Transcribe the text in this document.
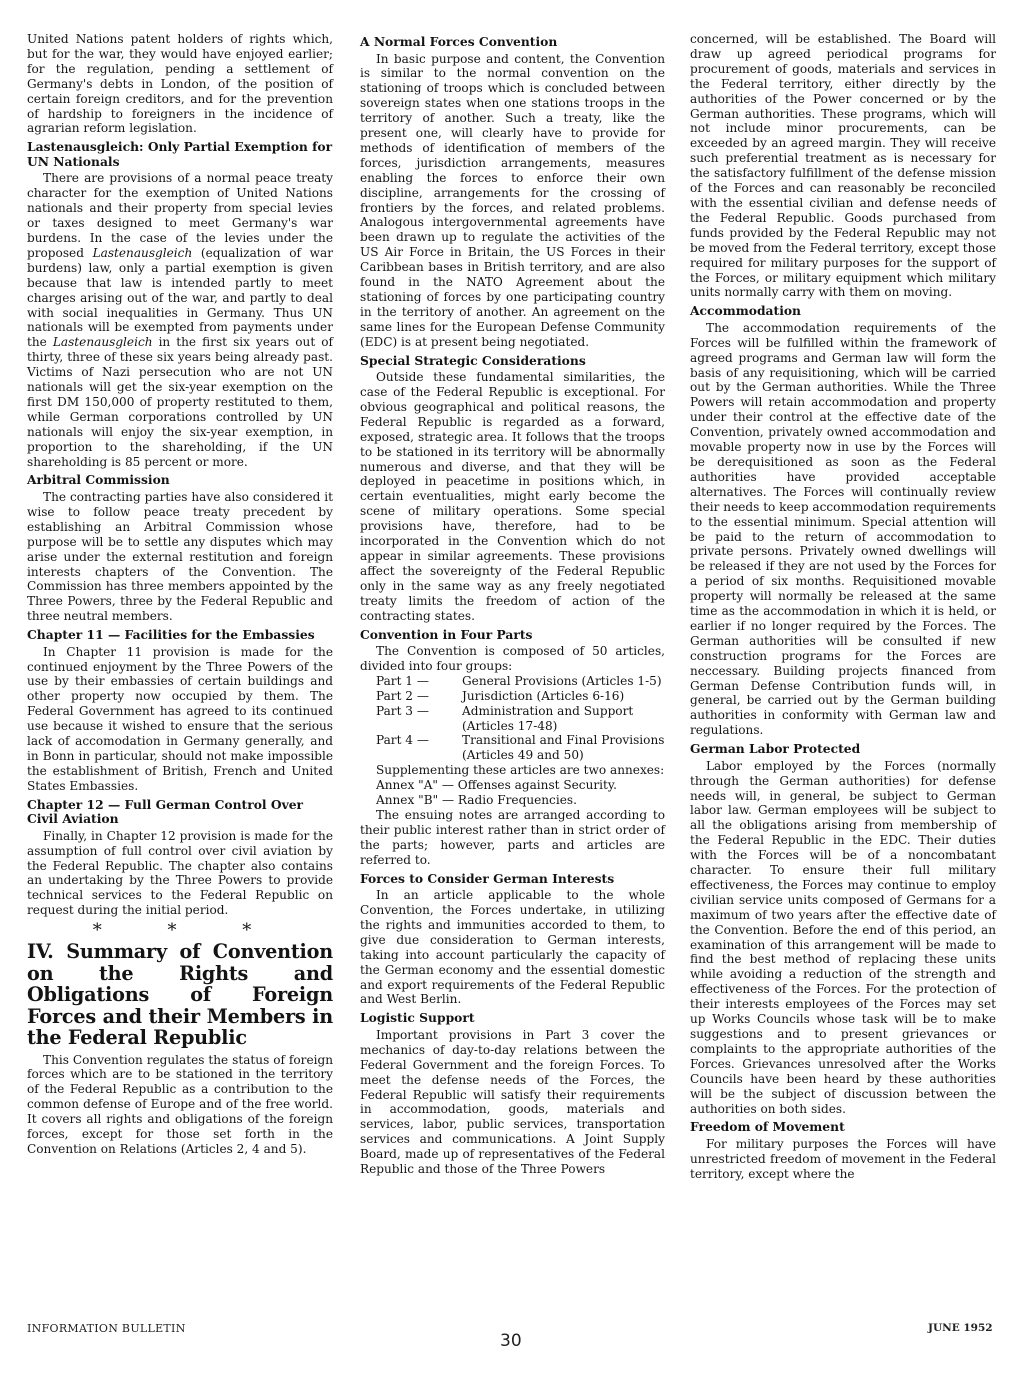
United Nations patent holders of rights which, but for the war, they would have enjoyed earlier; for the regulation, pending a settlement of Germany's debts in London, of the position of certain foreign creditors, and for the prevention of hardship to foreigners in the incidence of agrarian reform legislation.

Lastenausgleich: Only Partial Exemption for UN Nationals

There are provisions of a normal peace treaty character for the exemption of United Nations nationals and their property from special levies or taxes designed to meet Germany's war burdens. In the case of the levies under the proposed Lastenausgleich (equalization of war burdens) law, only a partial exemption is given because that law is intended partly to meet charges arising out of the war, and partly to deal with social inequalities in Germany. Thus UN nationals will be exempted from payments under the Lastenausgleich in the first six years out of thirty, three of these six years being already past. Victims of Nazi persecution who are not UN nationals will get the six-year exemption on the first DM 150,000 of property restituted to them, while German corporations controlled by UN nationals will enjoy the six-year exemption, in proportion to the shareholding, if the UN shareholding is 85 percent or more.

Arbitral Commission

The contracting parties have also considered it wise to follow peace treaty precedent by establishing an Arbitral Commission whose purpose will be to settle any disputes which may arise under the external restitution and foreign interests chapters of the Convention. The Commission has three members appointed by the Three Powers, three by the Federal Republic and three neutral members.

Chapter 11 — Facilities for the Embassies

In Chapter 11 provision is made for the continued enjoyment by the Three Powers of the use by their embassies of certain buildings and other property now occupied by them. The Federal Government has agreed to its continued use because it wished to ensure that the serious lack of accomodation in Germany generally, and in Bonn in particular, should not make impossible the establishment of British, French and United States Embassies.

Chapter 12 — Full German Control Over Civil Aviation

Finally, in Chapter 12 provision is made for the assumption of full control over civil aviation by the Federal Republic. The chapter also contains an undertaking by the Three Powers to provide technical services to the Federal Republic on request during the initial period.

* * *
IV. Summary of Convention on the Rights and Obligations of Foreign Forces and their Members in the Federal Republic

This Convention regulates the status of foreign forces which are to be stationed in the territory of the Federal Republic as a contribution to the common defense of Europe and of the free world. It covers all rights and obligations of the foreign forces, except for those set forth in the Convention on Relations (Articles 2, 4 and 5).

A Normal Forces Convention

In basic purpose and content, the Convention is similar to the normal convention on the stationing of troops which is concluded between sovereign states when one stations troops in the territory of another. Such a treaty, like the present one, will clearly have to provide for methods of identification of members of the forces, jurisdiction arrangements, measures enabling the forces to enforce their own discipline, arrangements for the crossing of frontiers by the forces, and related problems. Analogous intergovernmental agreements have been drawn up to regulate the activities of the US Air Force in Britain, the US Forces in their Caribbean bases in British territory, and are also found in the NATO Agreement about the stationing of forces by one participating country in the territory of another. An agreement on the same lines for the European Defense Community (EDC) is at present being negotiated.

Special Strategic Considerations

Outside these fundamental similarities, the case of the Federal Republic is exceptional. For obvious geographical and political reasons, the Federal Republic is regarded as a forward, exposed, strategic area. It follows that the troops to be stationed in its territory will be abnormally numerous and diverse, and that they will be deployed in peacetime in positions which, in certain eventualities, might early become the scene of military operations. Some special provisions have, therefore, had to be incorporated in the Convention which do not appear in similar agreements. These provisions affect the sovereignty of the Federal Republic only in the same way as any freely negotiated treaty limits the freedom of action of the contracting states.

Convention in Four Parts

The Convention is composed of 50 articles, divided into four groups:

Part 1 —	General Provisions (Articles 1-5)
Part 2 —	Jurisdiction (Articles 6-16)
Part 3 —	Administration and Support (Articles 17-48)
Part 4 —	Transitional and Final Provisions (Articles 49 and 50)

Supplementing these articles are two annexes:

Annex "A" — Offenses against Security.
Annex "B" — Radio Frequencies.

The ensuing notes are arranged according to their public interest rather than in strict order of the parts; however, parts and articles are referred to.

Forces to Consider German Interests

In an article applicable to the whole Convention, the Forces undertake, in utilizing the rights and immunities accorded to them, to give due consideration to German interests, taking into account particularly the capacity of the German economy and the essential domestic and export requirements of the Federal Republic and West Berlin.

Logistic Support

Important provisions in Part 3 cover the mechanics of day-to-day relations between the Federal Government and the foreign Forces. To meet the defense needs of the Forces, the Federal Republic will satisfy their requirements in accommodation, goods, materials and services, labor, public services, transportation services and communications. A Joint Supply Board, made up of representatives of the Federal Republic and those of the Three Powers

concerned, will be established. The Board will draw up agreed periodical programs for procurement of goods, materials and services in the Federal territory, either directly by the authorities of the Power concerned or by the German authorities. These programs, which will not include minor procurements, can be exceeded by an agreed margin. They will receive such preferential treatment as is necessary for the satisfactory fulfillment of the defense mission of the Forces and can reasonably be reconciled with the essential civilian and defense needs of the Federal Republic. Goods purchased from funds provided by the Federal Republic may not be moved from the Federal territory, except those required for military purposes for the support of the Forces, or military equipment which military units normally carry with them on moving.

Accommodation

The accommodation requirements of the Forces will be fulfilled within the framework of agreed programs and German law will form the basis of any requisitioning, which will be carried out by the German authorities. While the Three Powers will retain accommodation and property under their control at the effective date of the Convention, privately owned accommodation and movable property now in use by the Forces will be derequisitioned as soon as the Federal authorities have provided acceptable alternatives. The Forces will continually review their needs to keep accommodation requirements to the essential minimum. Special attention will be paid to the return of accommodation to private persons. Privately owned dwellings will be released if they are not used by the Forces for a period of six months. Requisitioned movable property will normally be released at the same time as the accommodation in which it is held, or earlier if no longer required by the Forces. The German authorities will be consulted if new construction programs for the Forces are neccessary. Building projects financed from German Defense Contribution funds will, in general, be carried out by the German building authorities in conformity with German law and regulations.

German Labor Protected

Labor employed by the Forces (normally through the German authorities) for defense needs will, in general, be subject to German labor law. German employees will be subject to all the obligations arising from membership of the Federal Republic in the EDC. Their duties with the Forces will be of a noncombatant character. To ensure their full military effectiveness, the Forces may continue to employ civilian service units composed of Germans for a maximum of two years after the effective date of the Convention. Before the end of this period, an examination of this arrangement will be made to find the best method of replacing these units while avoiding a reduction of the strength and effectiveness of the Forces. For the protection of their interests employees of the Forces may set up Works Councils whose task will be to make suggestions and to present grievances or complaints to the appropriate authorities of the Forces. Grievances unresolved after the Works Councils have been heard by these authorities will be the subject of discussion between the authorities on both sides.

Freedom of Movement

For military purposes the Forces will have unrestricted freedom of movement in the Federal territory, except where the

INFORMATION BULLETIN
30
JUNE 1952
